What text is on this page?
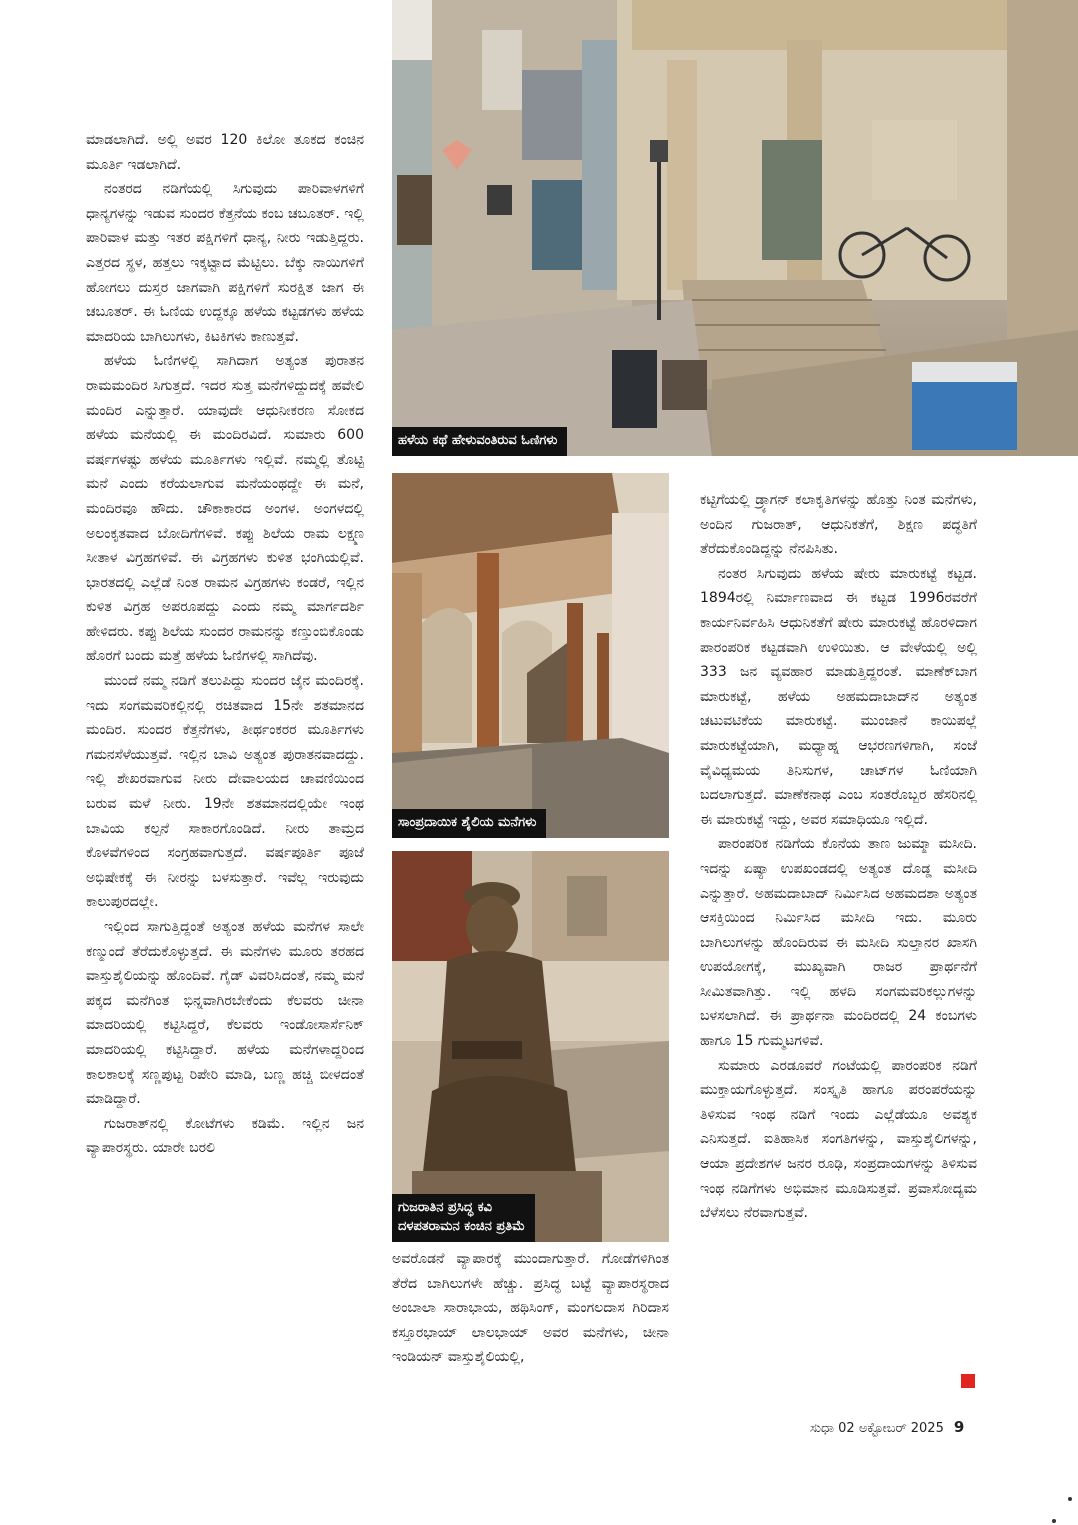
ಮಾಡಲಾಗಿದೆ. ಅಲ್ಲಿ ಅವರ 120 ಕಿಲೋ ತೂಕದ ಕಂಚಿನ ಮೂರ್ತಿ ಇಡಲಾಗಿದೆ.

ನಂತರದ ನಡಿಗೆಯಲ್ಲಿ ಸಿಗುವುದು ಪಾರಿವಾಳಗಳಿಗೆ ಧಾನ್ಯಗಳನ್ನು ಇಡುವ ಸುಂದರ ಕೆತ್ತನೆಯ ಕಂಬ ಚಬೂತರ್. ಇಲ್ಲಿ ಪಾರಿವಾಳ ಮತ್ತು ಇತರ ಪಕ್ಷಿಗಳಿಗೆ ಧಾನ್ಯ, ನೀರು ಇಡುತ್ತಿದ್ದರು. ಎತ್ತರದ ಸ್ಥಳ, ಹತ್ತಲು ಇಕ್ಕಟ್ಟಾದ ಮೆಟ್ಟಿಲು. ಬೆಕ್ಕು ನಾಯಿಗಳಿಗೆ ಹೋಗಲು ದುಸ್ತರ ಜಾಗವಾಗಿ ಪಕ್ಷಿಗಳಿಗೆ ಸುರಕ್ಷಿತ ಜಾಗ ಈ ಚಬೂತರ್. ಈ ಓಣಿಯ ಉದ್ದಕ್ಕೂ ಹಳೆಯ ಕಟ್ಟಡಗಳು ಹಳೆಯ ಮಾದರಿಯ ಬಾಗಿಲುಗಳು, ಕಿಟಕಿಗಳು ಕಾಣುತ್ತವೆ.

ಹಳೆಯ ಓಣಿಗಳಲ್ಲಿ ಸಾಗಿದಾಗ ಅತ್ಯಂತ ಪುರಾತನ ರಾಮಮಂದಿರ ಸಿಗುತ್ತದೆ. ಇದರ ಸುತ್ತ ಮನೆಗಳಿದ್ದುದಕ್ಕೆ ಹವೇಲಿ ಮಂದಿರ ಎನ್ನುತ್ತಾರೆ. ಯಾವುದೇ ಆಧುನೀಕರಣ ಸೋಕದ ಹಳೆಯ ಮನೆಯಲ್ಲಿ ಈ ಮಂದಿರವಿದೆ. ಸುಮಾರು 600 ವರ್ಷಗಳಷ್ಟು ಹಳೆಯ ಮೂರ್ತಿಗಳು ಇಲ್ಲಿವೆ. ನಮ್ಮಲ್ಲಿ ತೊಟ್ಟಿ ಮನೆ ಎಂದು ಕರೆಯಲಾಗುವ ಮನೆಯಂಥದ್ದೇ ಈ ಮನೆ, ಮಂದಿರವೂ ಹೌದು. ಚೌಕಾಕಾರದ ಅಂಗಳ. ಅಂಗಳದಲ್ಲಿ ಅಲಂಕೃತವಾದ ಬೋದಿಗೆಗಳಿವೆ. ಕಪ್ಪು ಶಿಲೆಯ ರಾಮ ಲಕ್ಷ್ಮಣ ಸೀತಾಳ ವಿಗ್ರಹಗಳಿವೆ. ಈ ವಿಗ್ರಹಗಳು ಕುಳಿತ ಭಂಗಿಯಲ್ಲಿವೆ. ಭಾರತದಲ್ಲಿ ಎಲ್ಲೆಡೆ ನಿಂತ ರಾಮನ ವಿಗ್ರಹಗಳು ಕಂಡರೆ, ಇಲ್ಲಿನ ಕುಳಿತ ವಿಗ್ರಹ ಅಪರೂಪದ್ದು ಎಂದು ನಮ್ಮ ಮಾರ್ಗದರ್ಶಿ ಹೇಳಿದರು. ಕಪ್ಪು ಶಿಲೆಯ ಸುಂದರ ರಾಮನನ್ನು ಕಣ್ತುಂಬಿಕೊಂಡು ಹೊರಗೆ ಬಂದು ಮತ್ತೆ ಹಳೆಯ ಓಣಿಗಳಲ್ಲಿ ಸಾಗಿದೆವು.

ಮುಂದೆ ನಮ್ಮ ನಡಿಗೆ ತಲುಪಿದ್ದು ಸುಂದರ ಜೈನ ಮಂದಿರಕ್ಕೆ. ಇದು ಸಂಗಮವರಿಕಲ್ಲಿನಲ್ಲಿ ರಚಿತವಾದ 15ನೇ ಶತಮಾನದ ಮಂದಿರ. ಸುಂದರ ಕೆತ್ತನೆಗಳು, ತೀರ್ಥಂಕರರ ಮೂರ್ತಿಗಳು ಗಮನಸೆಳೆಯುತ್ತವೆ. ಇಲ್ಲಿನ ಬಾವಿ ಅತ್ಯಂತ ಪುರಾತನವಾದದ್ದು. ಇಲ್ಲಿ ಶೇಖರವಾಗುವ ನೀರು ದೇವಾಲಯದ ಚಾವಣಿಯಿಂದ ಬರುವ ಮಳೆ ನೀರು. 19ನೇ ಶತಮಾನದಲ್ಲಿಯೇ ಇಂಥ ಬಾವಿಯ ಕಲ್ಪನೆ ಸಾಕಾರಗೊಂಡಿದೆ. ನೀರು ತಾಮ್ರದ ಕೊಳವೆಗಳಿಂದ ಸಂಗ್ರಹವಾಗುತ್ತದೆ. ವರ್ಷಪೂರ್ತಿ ಪೂಜೆ ಅಭಿಷೇಕಕ್ಕೆ ಈ ನೀರನ್ನು ಬಳಸುತ್ತಾರೆ. ಇವೆಲ್ಲ ಇರುವುದು ಕಾಲುಪುರದಲ್ಲೇ.

ಇಲ್ಲಿಂದ ಸಾಗುತ್ತಿದ್ದಂತೆ ಅತ್ಯಂತ ಹಳೆಯ ಮನೆಗಳ ಸಾಲೇ ಕಣ್ಮುಂದೆ ತೆರೆದುಕೊಳ್ಳುತ್ತದೆ. ಈ ಮನೆಗಳು ಮೂರು ತರಹದ ವಾಸ್ತುಶೈಲಿಯನ್ನು ಹೊಂದಿವೆ. ಗೈಡ್ ವಿವರಿಸಿದಂತೆ, ನಮ್ಮ ಮನೆ ಪಕ್ಕದ ಮನೆಗಿಂತ ಭಿನ್ನವಾಗಿರಬೇಕೆಂದು ಕೆಲವರು ಚೀನಾ ಮಾದರಿಯಲ್ಲಿ ಕಟ್ಟಿಸಿದ್ದರೆ, ಕೆಲವರು ಇಂಡೋಸಾರ್ಸೆನಿಕ್ ಮಾದರಿಯಲ್ಲಿ ಕಟ್ಟಿಸಿದ್ದಾರೆ. ಹಳೆಯ ಮನೆಗಳಾದ್ದರಿಂದ ಕಾಲಕಾಲಕ್ಕೆ ಸಣ್ಣಪುಟ್ಟ ರಿಪೇರಿ ಮಾಡಿ, ಬಣ್ಣ ಹಚ್ಚಿ ಬೀಳದಂತೆ ಮಾಡಿದ್ದಾರೆ.

ಗುಜರಾತ್‌ನಲ್ಲಿ ಕೋಟೆಗಳು ಕಡಿಮೆ. ಇಲ್ಲಿನ ಜನ ವ್ಯಾಪಾರಸ್ಥರು. ಯಾರೇ ಬರಲಿ

ಹಳೆಯ ಕಥೆ ಹೇಳುವಂತಿರುವ ಓಣಿಗಳು
ಸಾಂಪ್ರದಾಯಿಕ ಶೈಲಿಯ ಮನೆಗಳು
ಗುಜರಾತಿನ ಪ್ರಸಿದ್ಧ ಕವಿ
ದಳಪತರಾಮನ ಕಂಚಿನ ಪ್ರತಿಮೆ

ಅವರೊಡನೆ ವ್ಯಾಪಾರಕ್ಕೆ ಮುಂದಾಗುತ್ತಾರೆ. ಗೋಡೆಗಳಿಗಿಂತ ತೆರೆದ ಬಾಗಿಲುಗಳೇ ಹೆಚ್ಚು. ಪ್ರಸಿದ್ಧ ಬಟ್ಟೆ ವ್ಯಾಪಾರಸ್ಥರಾದ ಅಂಬಾಲಾ ಸಾರಾಭಾಯ, ಹಥಿಸಿಂಗ್, ಮಂಗಲದಾಸ ಗಿರಿದಾಸ ಕಸ್ತೂರಭಾಯ್ ಲಾಲಭಾಯ್ ಅವರ ಮನೆಗಳು, ಚೀನಾ ಇಂಡಿಯನ್ ವಾಸ್ತುಶೈಲಿಯಲ್ಲಿ,

ಕಟ್ಟಿಗೆಯಲ್ಲಿ ಡ್ರ್ಯಾಗನ್ ಕಲಾಕೃತಿಗಳನ್ನು ಹೊತ್ತು ನಿಂತ ಮನೆಗಳು, ಅಂದಿನ ಗುಜರಾತ್, ಆಧುನಿಕತೆಗೆ, ಶಿಕ್ಷಣ ಪದ್ಧತಿಗೆ ತೆರೆದುಕೊಂಡಿದ್ದನ್ನು ನೆನಪಿಸಿತು.

ನಂತರ ಸಿಗುವುದು ಹಳೆಯ ಷೇರು ಮಾರುಕಟ್ಟೆ ಕಟ್ಟಡ. 1894ರಲ್ಲಿ ನಿರ್ಮಾಣವಾದ ಈ ಕಟ್ಟಡ 1996ರವರೆಗೆ ಕಾರ್ಯನಿರ್ವಹಿಸಿ ಆಧುನಿಕತೆಗೆ ಷೇರು ಮಾರುಕಟ್ಟೆ ಹೊರಳಿದಾಗ ಪಾರಂಪರಿಕ ಕಟ್ಟಡವಾಗಿ ಉಳಿಯಿತು. ಆ ವೇಳೆಯಲ್ಲಿ ಅಲ್ಲಿ 333 ಜನ ವ್ಯವಹಾರ ಮಾಡುತ್ತಿದ್ದರಂತೆ. ಮಾಣೆಕ್‌ಬಾಗ ಮಾರುಕಟ್ಟೆ, ಹಳೆಯ ಅಹಮದಾಬಾದ್‌ನ ಅತ್ಯಂತ ಚಟುವಟಿಕೆಯ ಮಾರುಕಟ್ಟೆ. ಮುಂಜಾನೆ ಕಾಯಿಪಲ್ಲೆ ಮಾರುಕಟ್ಟೆಯಾಗಿ, ಮಧ್ಯಾಹ್ನ ಆಭರಣಗಳಿಗಾಗಿ, ಸಂಜೆ ವೈವಿಧ್ಯಮಯ ತಿನಿಸುಗಳ, ಚಾಟ್‌ಗಳ ಓಣಿಯಾಗಿ ಬದಲಾಗುತ್ತದೆ. ಮಾಣೆಕನಾಥ ಎಂಬ ಸಂತರೊಬ್ಬರ ಹೆಸರಿನಲ್ಲಿ ಈ ಮಾರುಕಟ್ಟೆ ಇದ್ದು, ಅವರ ಸಮಾಧಿಯೂ ಇಲ್ಲಿದೆ.

ಪಾರಂಪರಿಕ ನಡಿಗೆಯ ಕೊನೆಯ ತಾಣ ಜುಮ್ಮಾ ಮಸೀದಿ. ಇದನ್ನು ಏಷ್ಯಾ ಉಪಖಂಡದಲ್ಲಿ ಅತ್ಯಂತ ದೊಡ್ಡ ಮಸೀದಿ ಎನ್ನುತ್ತಾರೆ. ಅಹಮದಾಬಾದ್ ನಿರ್ಮಿಸಿದ ಅಹಮದಶಾ ಅತ್ಯಂತ ಆಸಕ್ತಿಯಿಂದ ನಿರ್ಮಿಸಿದ ಮಸೀದಿ ಇದು. ಮೂರು ಬಾಗಿಲುಗಳನ್ನು ಹೊಂದಿರುವ ಈ ಮಸೀದಿ ಸುಲ್ತಾನರ ಖಾಸಗಿ ಉಪಯೋಗಕ್ಕೆ, ಮುಖ್ಯವಾಗಿ ರಾಜರ ಪ್ರಾರ್ಥನೆಗೆ ಸೀಮಿತವಾಗಿತ್ತು. ಇಲ್ಲಿ ಹಳದಿ ಸಂಗಮವರಿಕಲ್ಲುಗಳನ್ನು ಬಳಸಲಾಗಿದೆ. ಈ ಪ್ರಾರ್ಥನಾ ಮಂದಿರದಲ್ಲಿ 24 ಕಂಬಗಳು ಹಾಗೂ 15 ಗುಮ್ಮಟಗಳಿವೆ.

ಸುಮಾರು ಎರಡೂವರೆ ಗಂಟೆಯಲ್ಲಿ ಪಾರಂಪರಿಕ ನಡಿಗೆ ಮುಕ್ತಾಯಗೊಳ್ಳುತ್ತದೆ. ಸಂಸ್ಕೃತಿ ಹಾಗೂ ಪರಂಪರೆಯನ್ನು ತಿಳಿಸುವ ಇಂಥ ನಡಿಗೆ ಇಂದು ಎಲ್ಲೆಡೆಯೂ ಅವಶ್ಯಕ ಎನಿಸುತ್ತದೆ. ಐತಿಹಾಸಿಕ ಸಂಗತಿಗಳನ್ನು, ವಾಸ್ತುಶೈಲಿಗಳನ್ನು, ಆಯಾ ಪ್ರದೇಶಗಳ ಜನರ ರೂಢಿ, ಸಂಪ್ರದಾಯಗಳನ್ನು ತಿಳಿಸುವ ಇಂಥ ನಡಿಗೆಗಳು ಅಭಿಮಾನ ಮೂಡಿಸುತ್ತವೆ. ಪ್ರವಾಸೋದ್ಯಮ ಬೆಳೆಸಲು ನೆರವಾಗುತ್ತವೆ.

ಸುಧಾ 02 ಅಕ್ಟೋಬರ್ 2025 9
